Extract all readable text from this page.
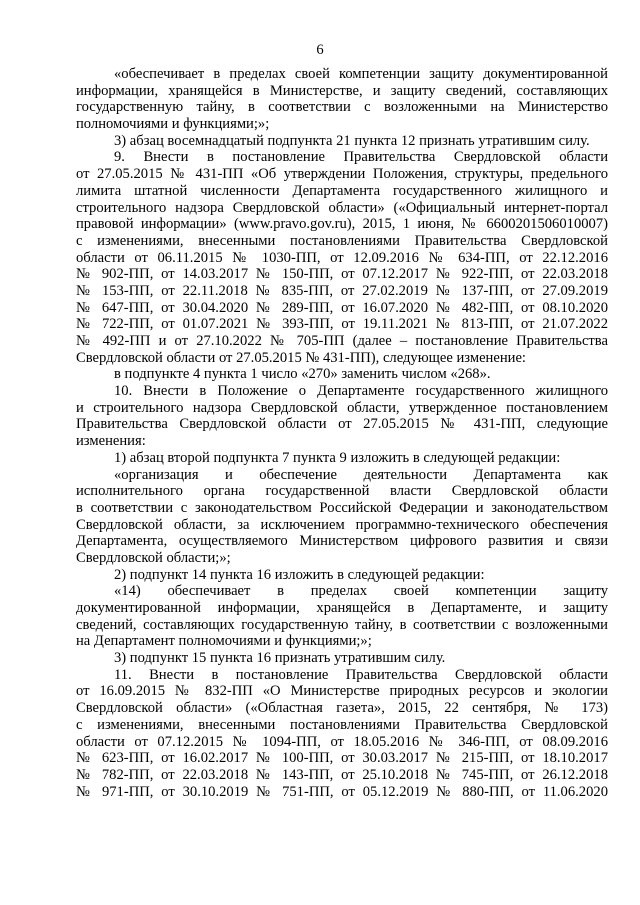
6

«обеспечивает в пределах своей компетенции защиту документированной

информации, хранящейся в Министерстве, и защиту сведений, составляющих

государственную тайну, в соответствии с возложенными на Министерство

полномочиями и функциями;»;

3) абзац восемнадцатый подпункта 21 пункта 12 признать утратившим силу.

9. Внести в постановление Правительства Свердловской области

от 27.05.2015 № 431-ПП «Об утверждении Положения, структуры, предельного

лимита штатной численности Департамента государственного жилищного и

строительного надзора Свердловской области» («Официальный интернет-портал

правовой информации» (www.pravo.gov.ru), 2015, 1 июня, № 6600201506010007)

с изменениями, внесенными постановлениями Правительства Свердловской

области от 06.11.2015 № 1030-ПП, от 12.09.2016 № 634-ПП, от 22.12.2016

№ 902-ПП, от 14.03.2017 № 150-ПП, от 07.12.2017 № 922-ПП, от 22.03.2018

№ 153-ПП, от 22.11.2018 № 835-ПП, от 27.02.2019 № 137-ПП, от 27.09.2019

№ 647-ПП, от 30.04.2020 № 289-ПП, от 16.07.2020 № 482-ПП, от 08.10.2020

№ 722-ПП, от 01.07.2021 № 393-ПП, от 19.11.2021 № 813-ПП, от 21.07.2022

№ 492-ПП и от 27.10.2022 № 705-ПП (далее – постановление Правительства

Свердловской области от 27.05.2015 № 431-ПП), следующее изменение:

в подпункте 4 пункта 1 число «270» заменить числом «268».

10. Внести в Положение о Департаменте государственного жилищного

и строительного надзора Свердловской области, утвержденное постановлением

Правительства Свердловской области от 27.05.2015 № 431-ПП, следующие

изменения:

1) абзац второй подпункта 7 пункта 9 изложить в следующей редакции:

«организация и обеспечение деятельности Департамента как

исполнительного органа государственной власти Свердловской области

в соответствии с законодательством Российской Федерации и законодательством

Свердловской области, за исключением программно-технического обеспечения

Департамента, осуществляемого Министерством цифрового развития и связи

Свердловской области;»;

2) подпункт 14 пункта 16 изложить в следующей редакции:

«14) обеспечивает в пределах своей компетенции защиту

документированной информации, хранящейся в Департаменте, и защиту

сведений, составляющих государственную тайну, в соответствии с возложенными

на Департамент полномочиями и функциями;»;

3) подпункт 15 пункта 16 признать утратившим силу.

11. Внести в постановление Правительства Свердловской области

от 16.09.2015 № 832-ПП «О Министерстве природных ресурсов и экологии

Свердловской области» («Областная газета», 2015, 22 сентября, № 173)

с изменениями, внесенными постановлениями Правительства Свердловской

области от 07.12.2015 № 1094-ПП, от 18.05.2016 № 346-ПП, от 08.09.2016

№ 623-ПП, от 16.02.2017 № 100-ПП, от 30.03.2017 № 215-ПП, от 18.10.2017

№ 782-ПП, от 22.03.2018 № 143-ПП, от 25.10.2018 № 745-ПП, от 26.12.2018

№ 971-ПП, от 30.10.2019 № 751-ПП, от 05.12.2019 № 880-ПП, от 11.06.2020
